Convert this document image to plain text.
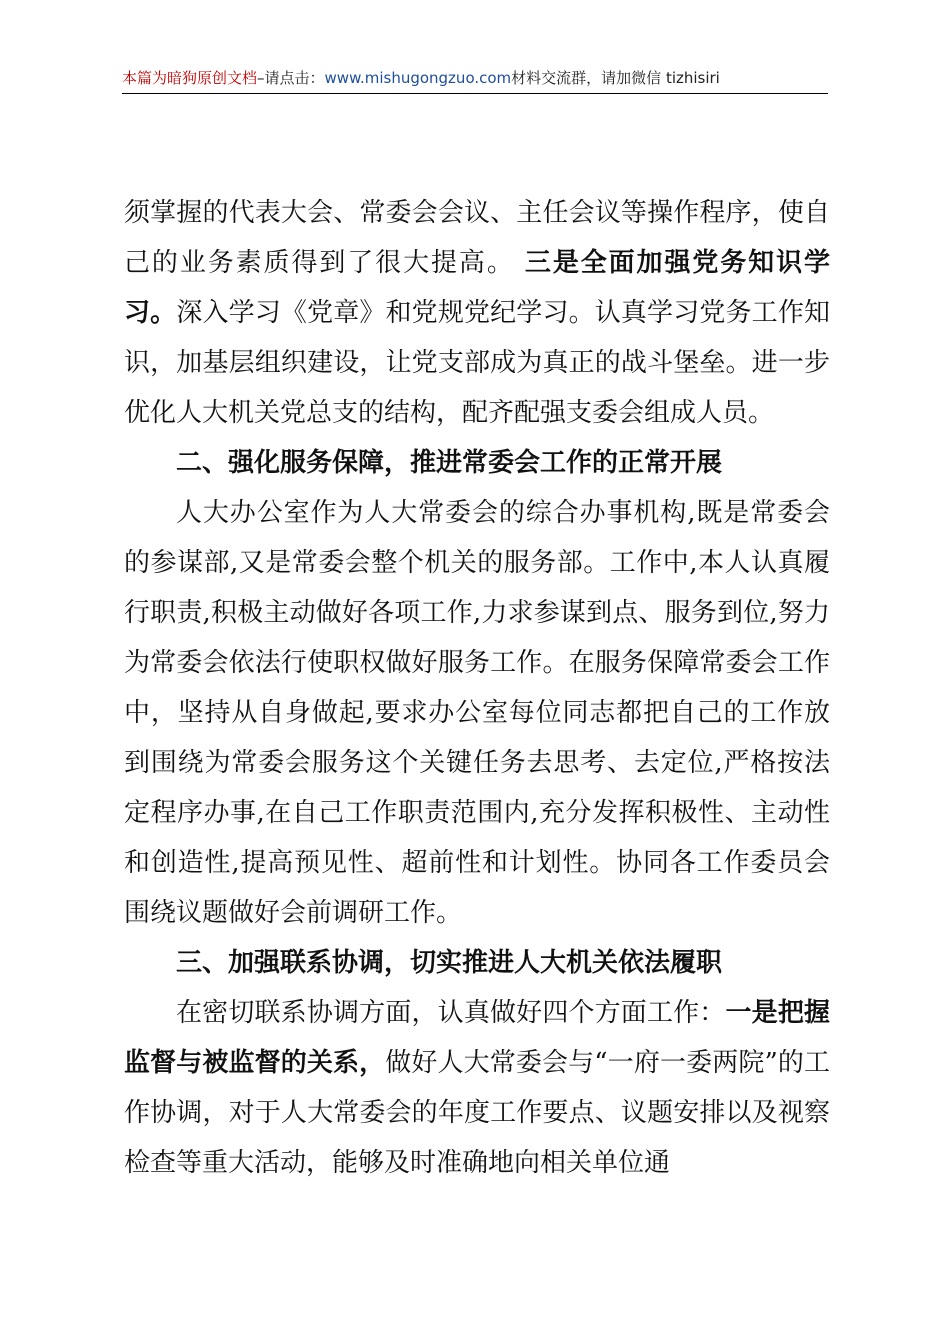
本篇为暗狗原创文档–请点击：www.mishugongzuo.com材料交流群，请加微信 tizhisiri

须掌握的代表大会、常委会会议、主任会议等操作程序，使自己的业务素质得到了很大提高。 三是全面加强党务知识学习。深入学习《党章》和党规党纪学习。认真学习党务工作知识，加基层组织建设，让党支部成为真正的战斗堡垒。进一步优化人大机关党总支的结构，配齐配强支委会组成人员。

二、强化服务保障，推进常委会工作的正常开展

人大办公室作为人大常委会的综合办事机构,既是常委会的参谋部,又是常委会整个机关的服务部。工作中,本人认真履行职责,积极主动做好各项工作,力求参谋到点、服务到位,努力为常委会依法行使职权做好服务工作。在服务保障常委会工作中，坚持从自身做起,要求办公室每位同志都把自己的工作放到围绕为常委会服务这个关键任务去思考、去定位,严格按法定程序办事,在自己工作职责范围内,充分发挥积极性、主动性和创造性,提高预见性、超前性和计划性。协同各工作委员会围绕议题做好会前调研工作。

三、加强联系协调，切实推进人大机关依法履职

在密切联系协调方面，认真做好四个方面工作：一是把握监督与被监督的关系，做好人大常委会与“一府一委两院”的工作协调，对于人大常委会的年度工作要点、议题安排以及视察检查等重大活动，能够及时准确地向相关单位通
